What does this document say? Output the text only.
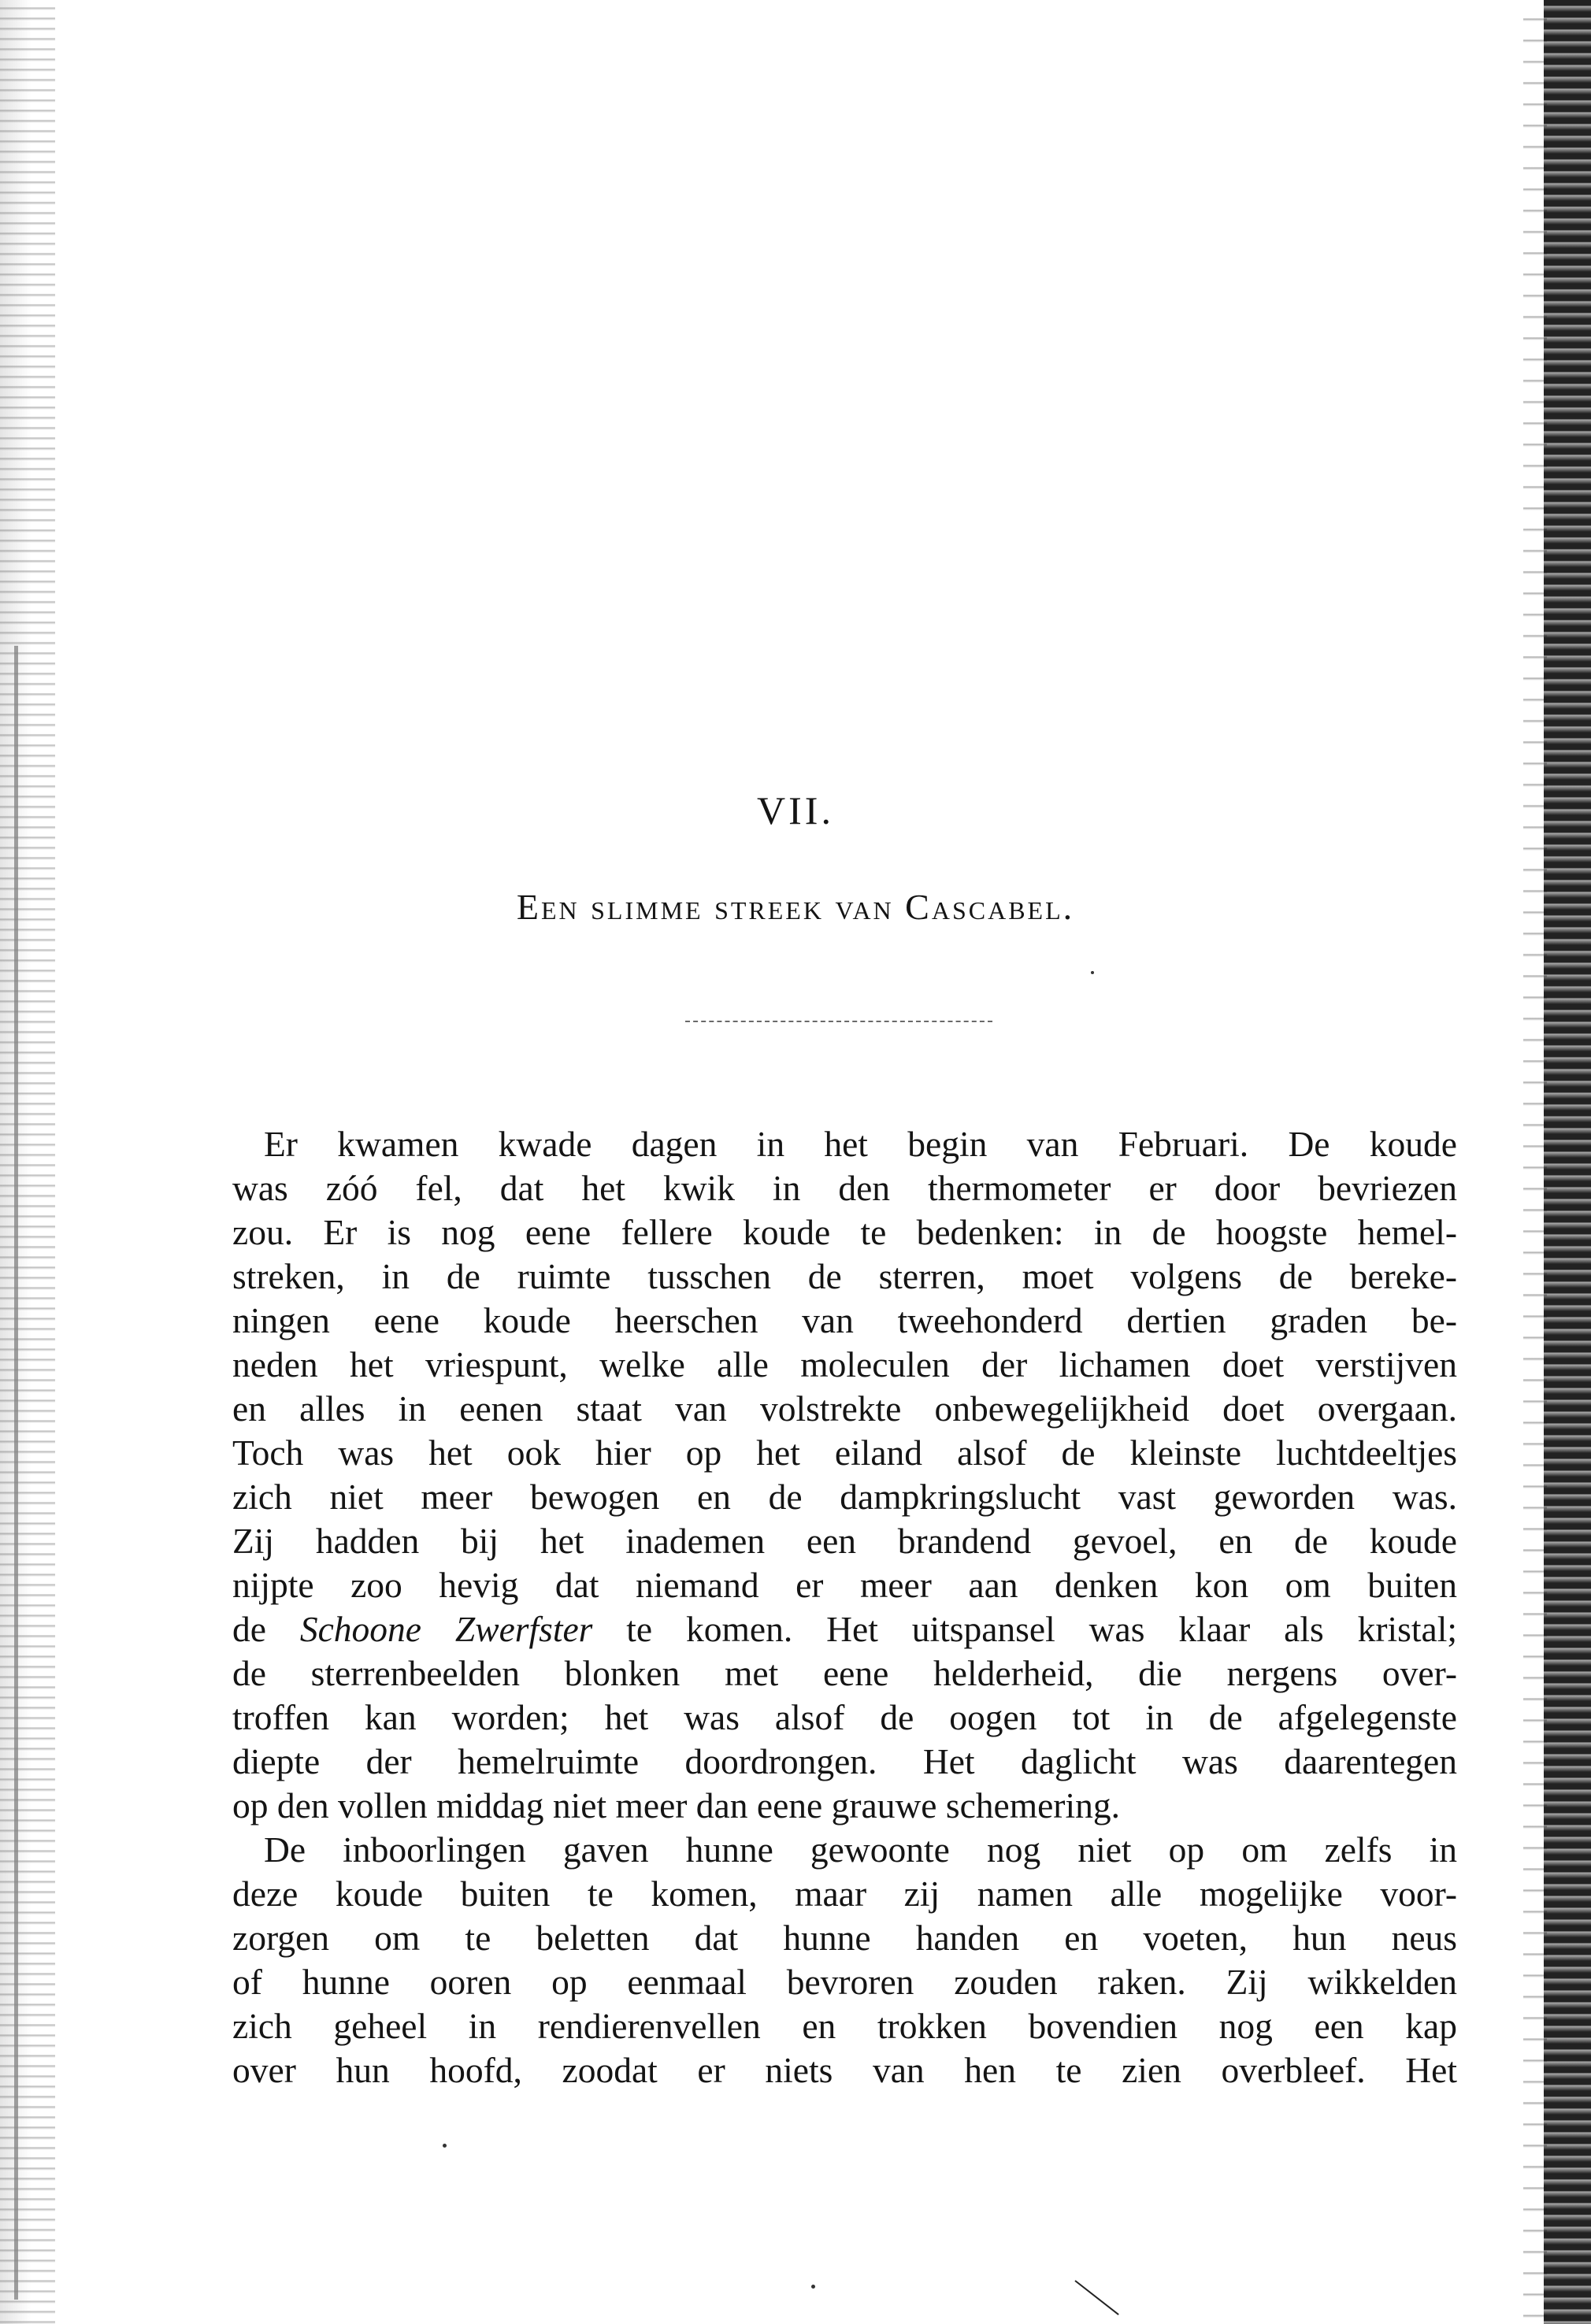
VII.
Een slimme streek van Cascabel.

Er kwamen kwade dagen in het begin van Februari. De koude
was zóó fel, dat het kwik in den thermometer er door bevriezen
zou. Er is nog eene fellere koude te bedenken: in de hoogste hemel-
streken, in de ruimte tusschen de sterren, moet volgens de bereke-
ningen eene koude heerschen van tweehonderd dertien graden be-
neden het vriespunt, welke alle moleculen der lichamen doet verstijven
en alles in eenen staat van volstrekte onbewegelijkheid doet overgaan.
Toch was het ook hier op het eiland alsof de kleinste luchtdeeltjes
zich niet meer bewogen en de dampkringslucht vast geworden was.
Zij hadden bij het inademen een brandend gevoel, en de koude
nijpte zoo hevig dat niemand er meer aan denken kon om buiten
de Schoone Zwerfster te komen. Het uitspansel was klaar als kristal;
de sterrenbeelden blonken met eene helderheid, die nergens over-
troffen kan worden; het was alsof de oogen tot in de afgelegenste
diepte der hemelruimte doordrongen. Het daglicht was daarentegen
op den vollen middag niet meer dan eene grauwe schemering.

De inboorlingen gaven hunne gewoonte nog niet op om zelfs in
deze koude buiten te komen, maar zij namen alle mogelijke voor-
zorgen om te beletten dat hunne handen en voeten, hun neus
of hunne ooren op eenmaal bevroren zouden raken. Zij wikkelden
zich geheel in rendierenvellen en trokken bovendien nog een kap
over hun hoofd, zoodat er niets van hen te zien overbleef. Het
